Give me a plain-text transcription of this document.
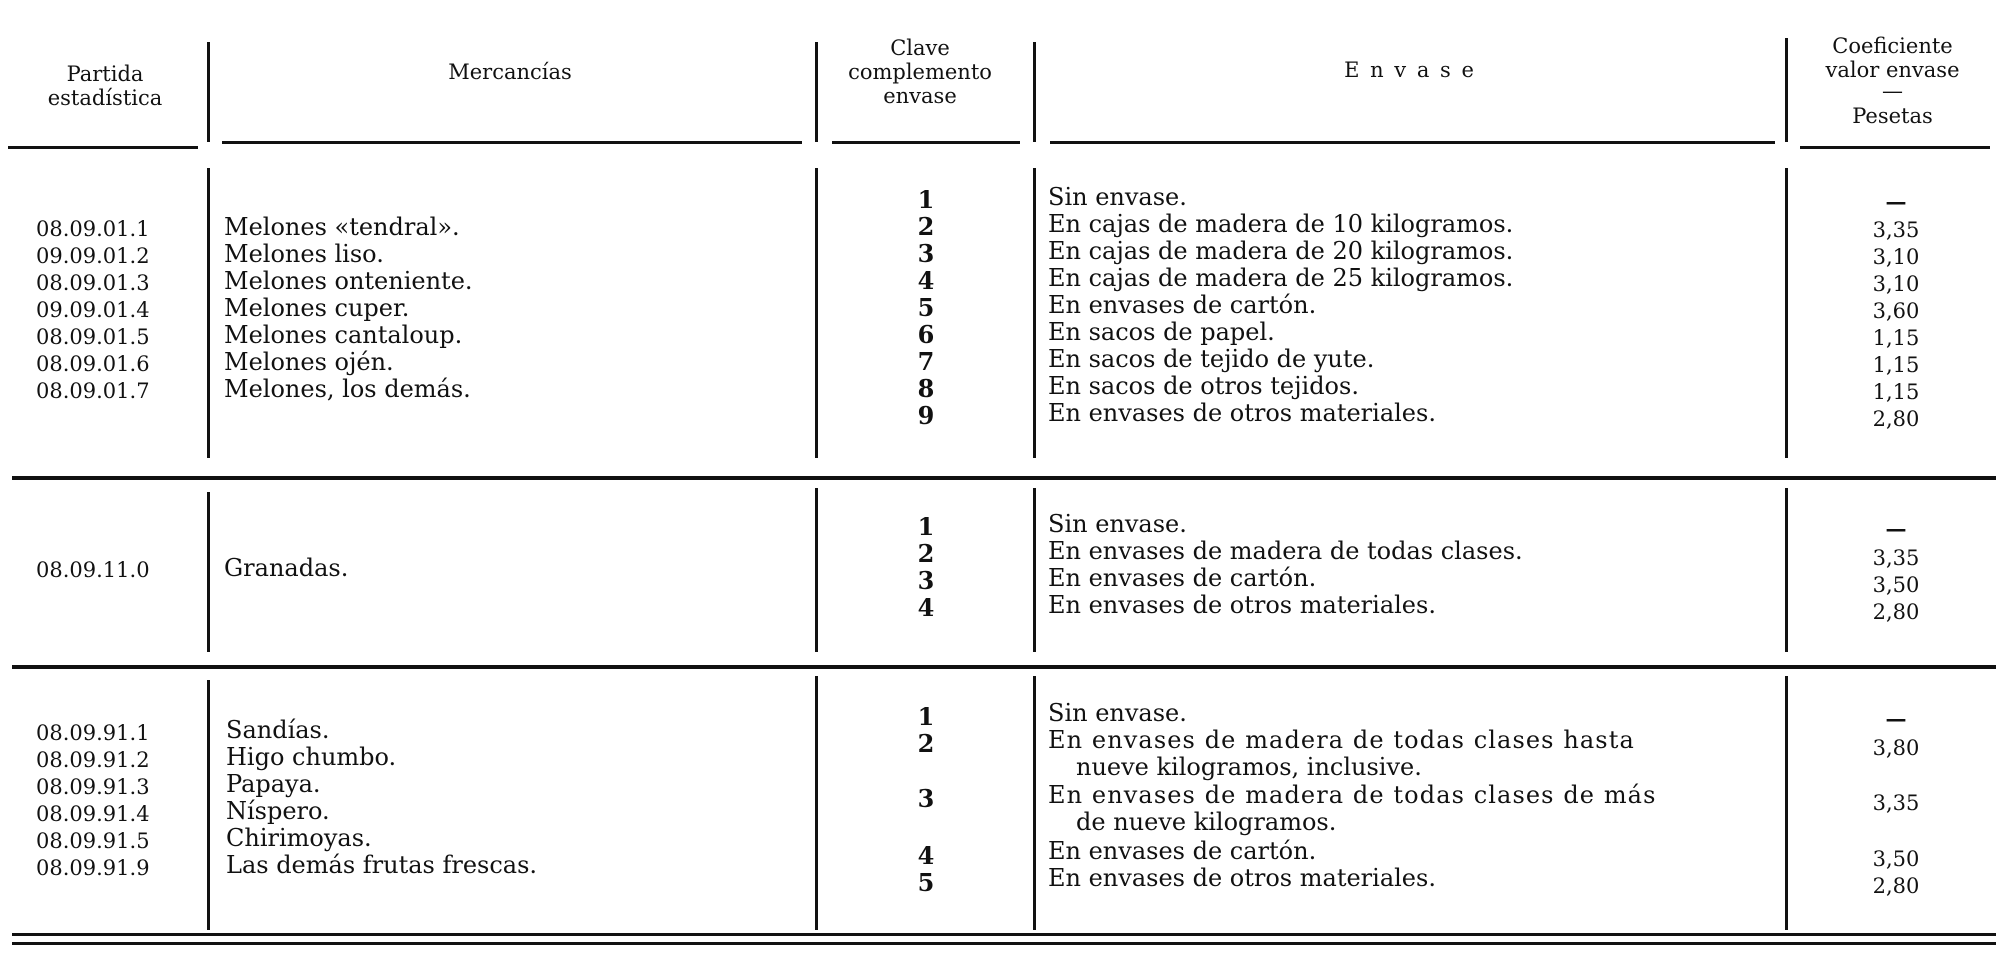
Partida
estadística
Mercancías
Clave
complemento
envase
E n v a s e
Coeficiente
valor envase
—
Pesetas
08.09.01.1
09.09.01.2
08.09.01.3
09.09.01.4
08.09.01.5
08.09.01.6
08.09.01.7
Melones «tendral».
Melones liso.
Melones onteniente.
Melones cuper.
Melones cantaloup.
Melones ojén.
Melones, los demás.
1
2
3
4
5
6
7
8
9
Sin envase.
En cajas de madera de 10 kilogramos.
En cajas de madera de 20 kilogramos.
En cajas de madera de 25 kilogramos.
En envases de cartón.
En sacos de papel.
En sacos de tejido de yute.
En sacos de otros tejidos.
En envases de otros materiales.
—
3,35
3,10
3,10
3,60
1,15
1,15
1,15
2,80
08.09.11.0	Granadas.
1
2
3
4
Sin envase.
En envases de madera de todas clases.
En envases de cartón.
En envases de otros materiales.
—
3,35
3,50
2,80
08.09.91.1
08.09.91.2
08.09.91.3
08.09.91.4
08.09.91.5
08.09.91.9
Sandías.
Higo chumbo.
Papaya.
Níspero.
Chirimoyas.
Las demás frutas frescas.
1
2
3
4
5
Sin envase.
En envases de madera de todas clases hasta
nueve kilogramos, inclusive.
En envases de madera de todas clases de más
de nueve kilogramos.
En envases de cartón.
En envases de otros materiales.
—
3,80
3,35
3,50
2,80
